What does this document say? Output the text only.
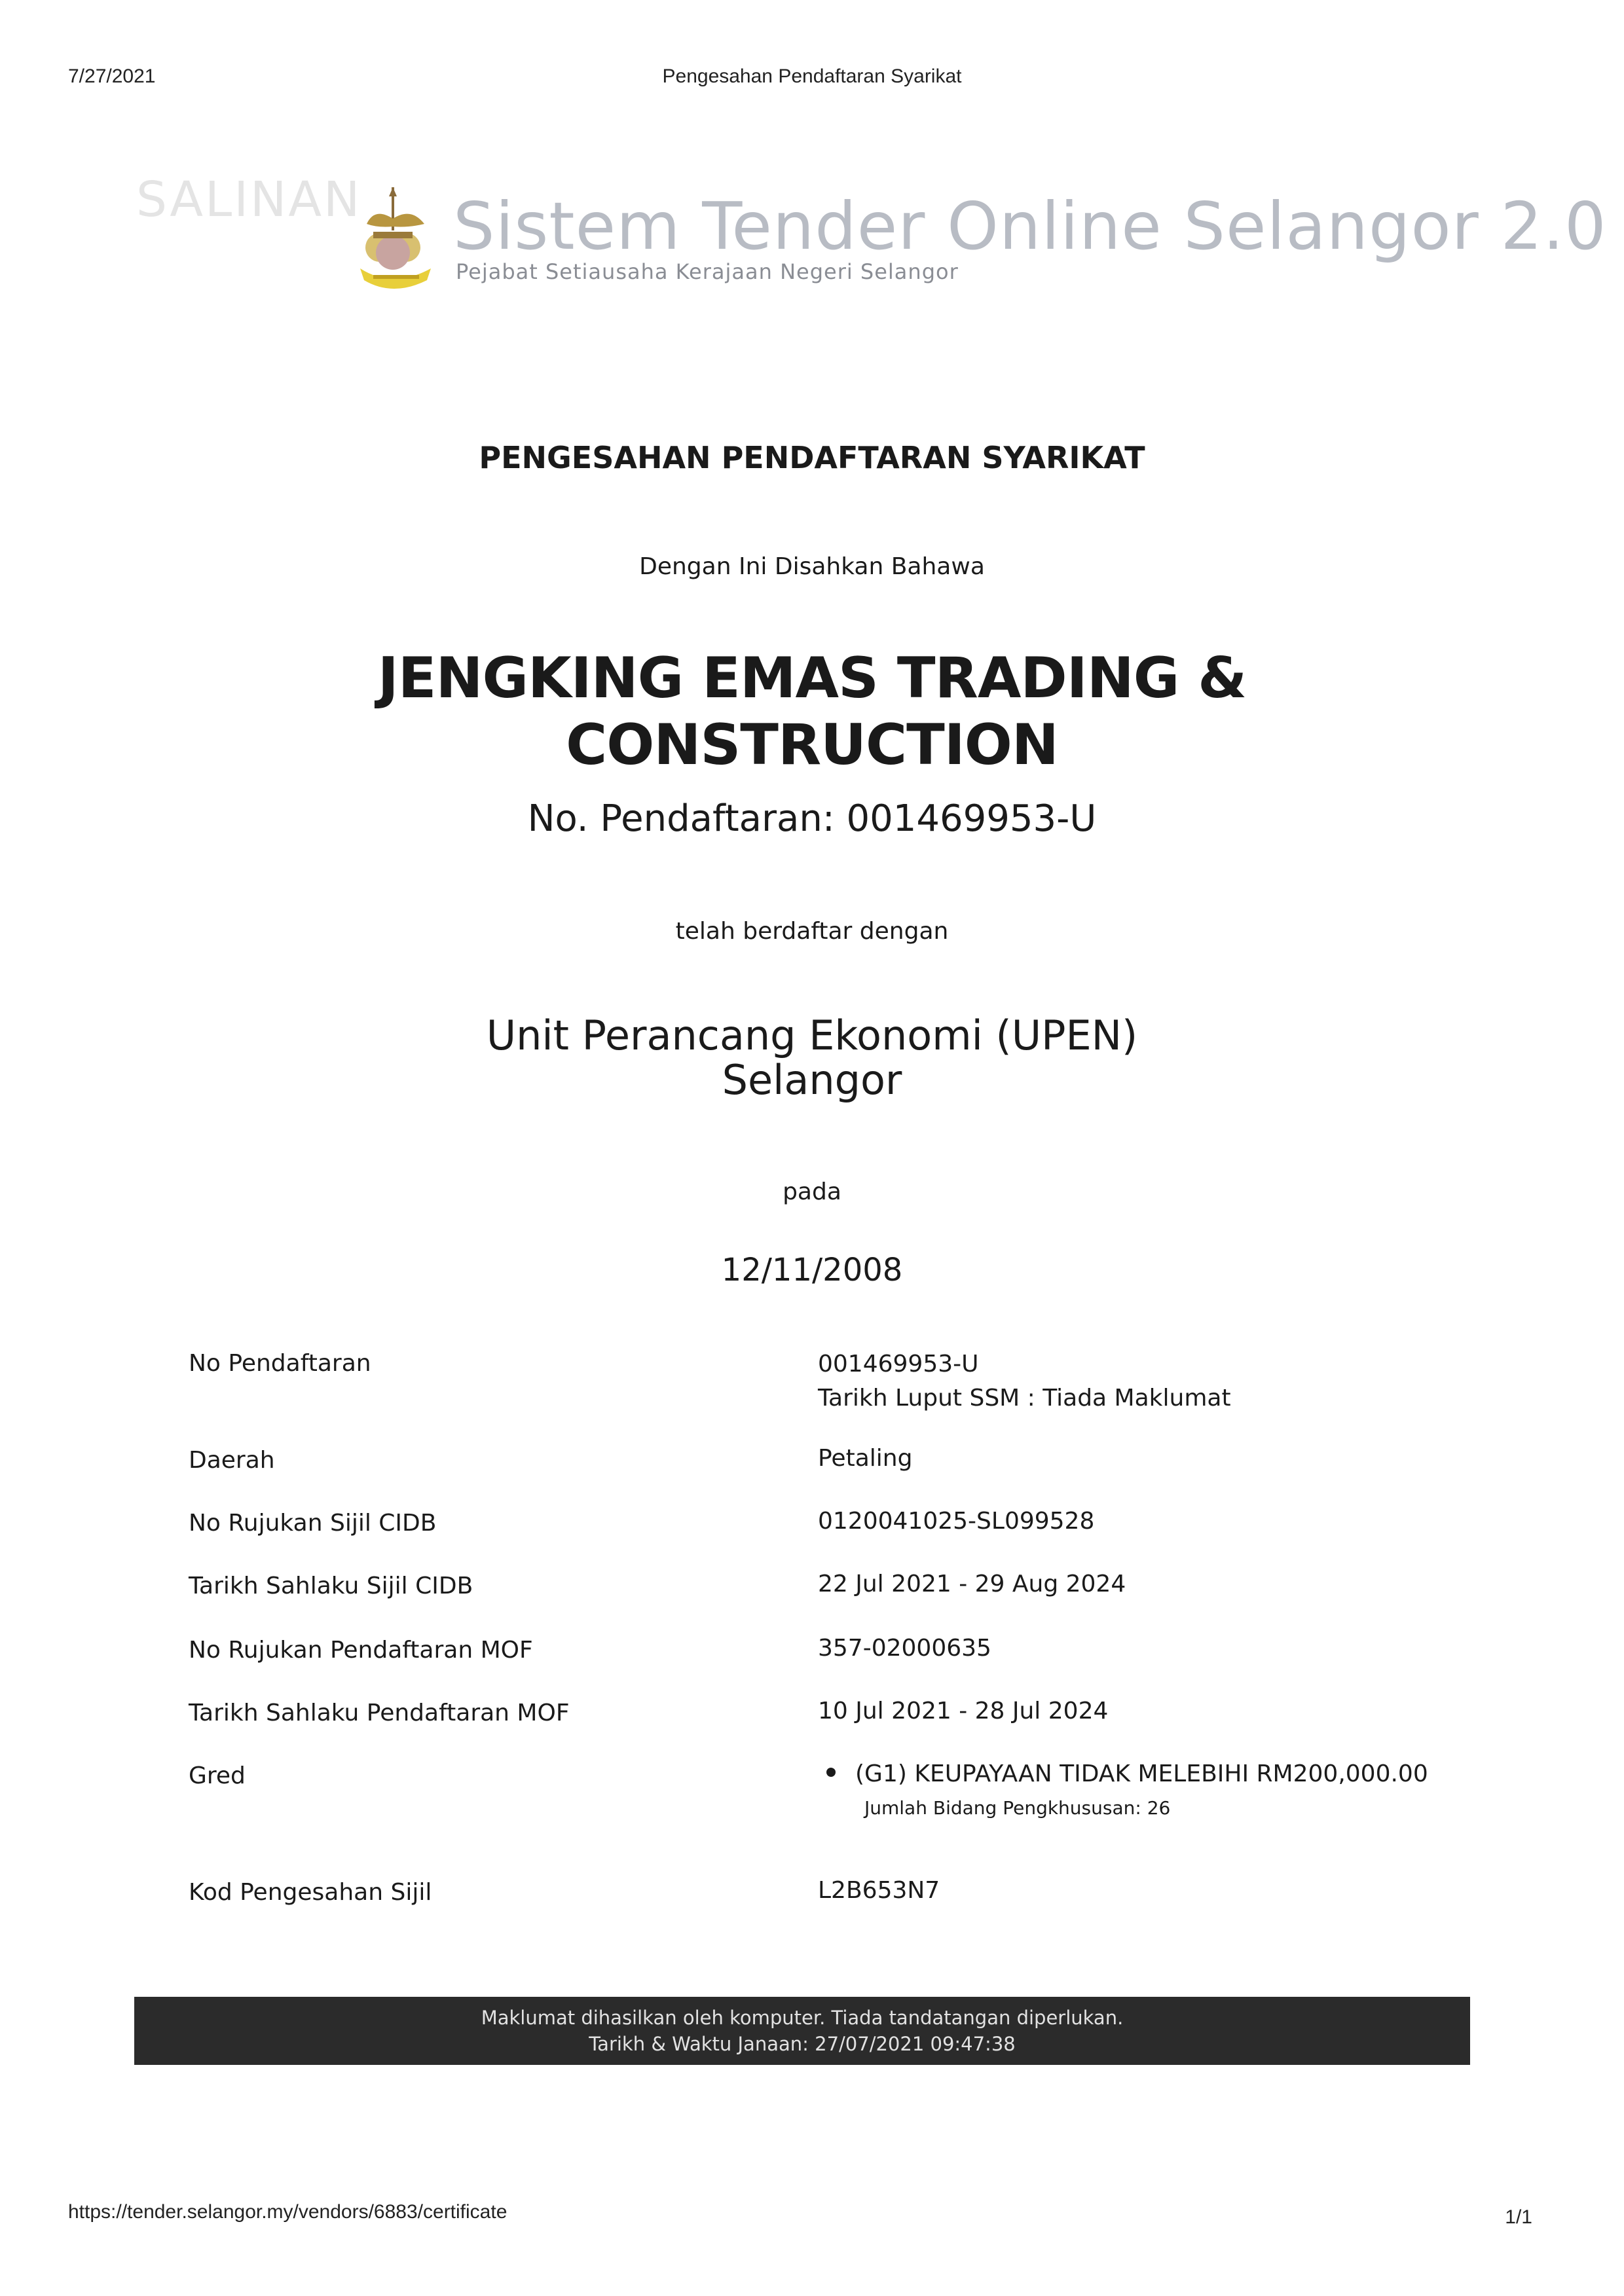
7/27/2021	Pengesahan Pendaftaran Syarikat
SALINAN Sistem Tender Online Selangor 2.0
Pejabat Setiausaha Kerajaan Negeri Selangor
PENGESAHAN PENDAFTARAN SYARIKAT
Dengan Ini Disahkan Bahawa
JENGKING EMAS TRADING &
CONSTRUCTION
No. Pendaftaran: 001469953-U
telah berdaftar dengan
Unit Perancang Ekonomi (UPEN)
Selangor
pada
12/11/2008
No Pendaftaran	001469953-U
Tarikh Luput SSM : Tiada Maklumat
Daerah	Petaling
No Rujukan Sijil CIDB	0120041025-SL099528
Tarikh Sahlaku Sijil CIDB	22 Jul 2021 - 29 Aug 2024
No Rujukan Pendaftaran MOF	357-02000635
Tarikh Sahlaku Pendaftaran MOF	10 Jul 2021 - 28 Jul 2024
Gred	(G1) KEUPAYAAN TIDAK MELEBIHI RM200,000.00
Jumlah Bidang Pengkhususan: 26
Kod Pengesahan Sijil	L2B653N7
Maklumat dihasilkan oleh komputer. Tiada tandatangan diperlukan.
Tarikh & Waktu Janaan: 27/07/2021 09:47:38
https://tender.selangor.my/vendors/6883/certificate	1/1
